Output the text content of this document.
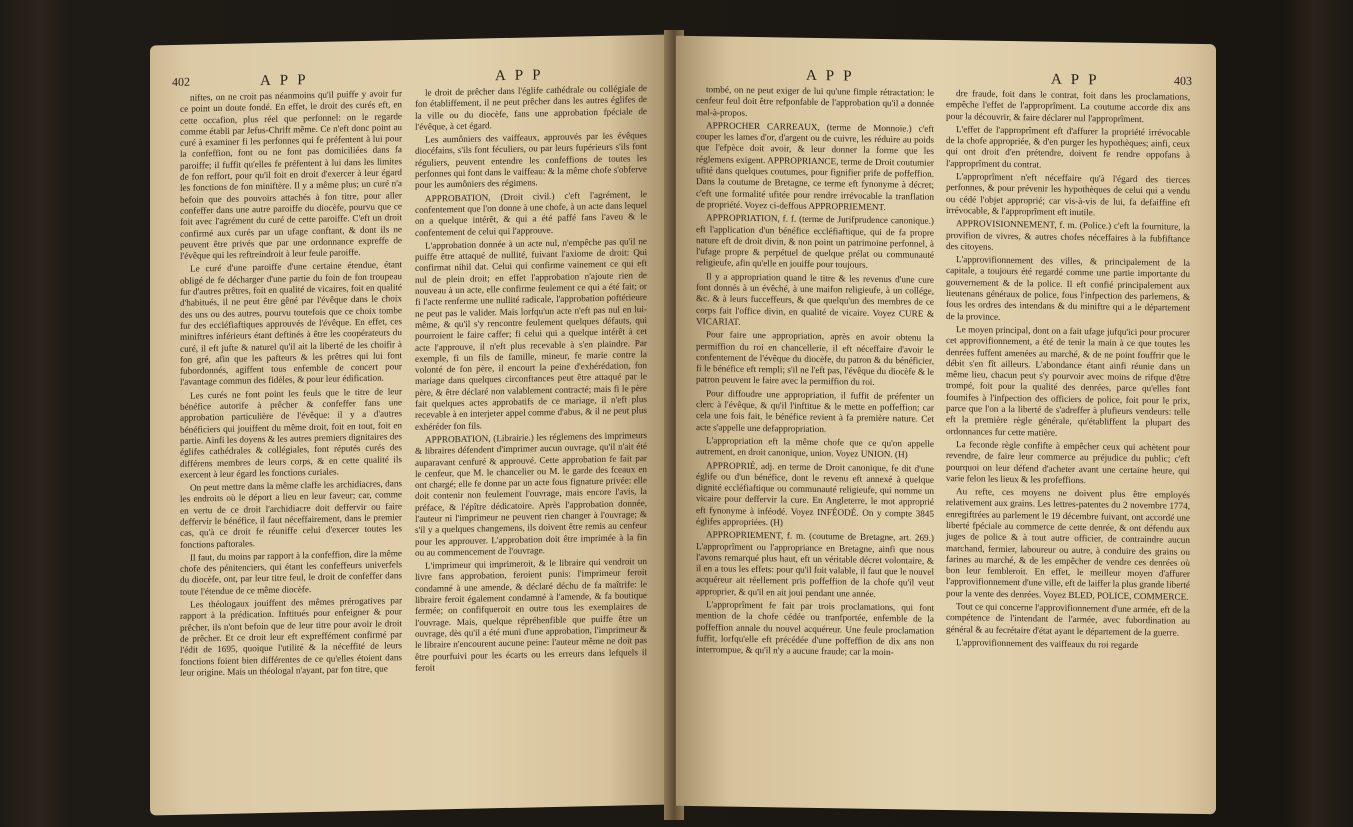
402	A P P	A P P

niftes, on ne croit pas néanmoins qu'il puiffe y avoir fur ce point un doute fondé. En effet, le droit des curés eft, en cette occafion, plus réel que perfonnel: on le regarde comme établi par Jefus-Chrift même. Ce n'eft donc point au curé à examiner fi les perfonnes qui fe préfentent à lui pour la confeffion, font ou ne font pas domiciliées dans fa paroiffe; il fuffit qu'elles fe préfentent à lui dans les limites de fon reffort, pour qu'il foit en droit d'exercer à leur égard les fonctions de fon miniftère. Il y a même plus; un curé n'a befoin que des pouvoirs attachés à fon titre, pour aller confeffer dans une autre paroiffe du diocèfe, pourvu que ce foit avec l'agrément du curé de cette paroiffe. C'eft un droit confirmé aux curés par un ufage conftant, & dont ils ne peuvent être privés que par une ordonnance expreffe de l'évêque qui les reftreindroit à leur feule paroiffe.

Le curé d'une paroiffe d'une certaine étendue, étant obligé de fe décharger d'une partie du foin de fon troupeau fur d'autres prêtres, foit en qualité de vicaires, foit en qualité d'habitués, il ne peut être gêné par l'évêque dans le choix des uns ou des autres, pourvu toutefois que ce choix tombe fur des eccléfiaftiques approuvés de l'évêque. En effet, ces miniftres inférieurs étant deftinés à être les coopérateurs du curé, il eft jufte & naturel qu'il ait la liberté de les choifir à fon gré, afin que les pafteurs & les prêtres qui lui font fubordonnés, agiffent tous enfemble de concert pour l'avantage commun des fidèles, & pour leur édification.

Les curés ne font point les feuls que le titre de leur bénéfice autorife à prêcher & confeffer fans une approbation particulière de l'évêque: il y a d'autres bénéficiers qui jouiffent du même droit, foit en tout, foit en partie. Ainfi les doyens & les autres premiers dignitaires des églifes cathédrales & collégiales, font réputés curés des différens membres de leurs corps, & en cette qualité ils exercent à leur égard les fonctions curiales.

On peut mettre dans la même claffe les archidiacres, dans les endroits où le déport a lieu en leur faveur; car, comme en vertu de ce droit l'archidiacre doit deffervir ou faire deffervir le bénéfice, il faut néceffairement, dans le premier cas, qu'à ce droit fe réuniffe celui d'exercer toutes les fonctions paftorales.

Il faut, du moins par rapport à la confeffion, dire la même chofe des pénitenciers, qui étant les confeffeurs univerfels du diocèfe, ont, par leur titre feul, le droit de confeffer dans toute l'étendue de ce même diocèfe.

Les théologaux jouiffent des mêmes prérogatives par rapport à la prédication. Inftitués pour enfeigner & pour prêcher, ils n'ont befoin que de leur titre pour avoir le droit de prêcher. Et ce droit leur eft expreffément confirmé par l'édit de 1695, quoique l'utilité & la néceffité de leurs fonctions foient bien différentes de ce qu'elles étoient dans leur origine. Mais un théologal n'ayant, par fon titre, que

le droit de prêcher dans l'églife cathédrale ou collégiale de fon établiffement, il ne peut prêcher dans les autres églifes de la ville ou du diocèfe, fans une approbation fpéciale de l'évêque, à cet égard.

Les aumôniers des vaiffeaux, approuvés par les évêques diocéfains, s'ils font féculiers, ou par leurs fupérieurs s'ils font réguliers, peuvent entendre les confeffions de toutes les perfonnes qui font dans le vaiffeau: & la même chofe s'obferve pour les aumôniers des régimens.

APPROBATION, (Droit civil.) c'eft l'agrément, le confentement que l'on donne à une chofe, à un acte dans lequel on a quelque intérêt, & qui a été paffé fans l'aveu & le confentement de celui qui l'approuve.

L'approbation donnée à un acte nul, n'empêche pas qu'il ne puiffe être attaqué de nullité, fuivant l'axiome de droit: Qui confirmat nihil dat. Celui qui confirme vainement ce qui eft nul de plein droit; en effet l'approbation n'ajoute rien de nouveau à un acte, elle confirme feulement ce qui a été fait; or fi l'acte renferme une nullité radicale, l'approbation poftérieure ne peut pas le valider. Mais lorfqu'un acte n'eft pas nul en lui-même, & qu'il s'y rencontre feulement quelques défauts, qui pourroient le faire caffer; fi celui qui a quelque intérêt à cet acte l'approuve, il n'eft plus recevable à s'en plaindre. Par exemple, fi un fils de famille, mineur, fe marie contre la volonté de fon père, il encourt la peine d'exhérédation, fon mariage dans quelques circonftances peut être attaqué par le père, & être déclaré non valablement contracté; mais fi le père fait quelques actes approbatifs de ce mariage, il n'eft plus recevable à en interjeter appel comme d'abus, & il ne peut plus exhéréder fon fils.

APPROBATION, (Librairie.) les réglemens des imprimeurs & libraires défendent d'imprimer aucun ouvrage, qu'il n'ait été auparavant cenfuré & approuvé. Cette approbation fe fait par le cenfeur, que M. le chancelier ou M. le garde des fceaux en ont chargé; elle fe donne par un acte fous fignature privée: elle doit contenir non feulement l'ouvrage, mais encore l'avis, la préface, & l'épître dédicatoire. Après l'approbation donnée, l'auteur ni l'imprimeur ne peuvent rien changer à l'ouvrage; & s'il y a quelques changemens, ils doivent être remis au cenfeur pour les approuver. L'approbation doit être imprimée à la fin ou au commencement de l'ouvrage.

L'imprimeur qui imprimeroit, & le libraire qui vendroit un livre fans approbation, feroient punis: l'imprimeur feroit condamné à une amende, & déclaré déchu de fa maîtrife: le libraire feroit également condamné à l'amende, & fa boutique fermée; on confifqueroit en outre tous les exemplaires de l'ouvrage. Mais, quelque répréhenfible que puiffe être un ouvrage, dès qu'il a été muni d'une approbation, l'imprimeur & le libraire n'encourent aucune peine: l'auteur même ne doit pas être pourfuivi pour les écarts ou les erreurs dans lefquels il feroit

A P P	A P P	403

tombé, on ne peut exiger de lui qu'une fimple rétractation: le cenfeur feul doit être refponfable de l'approbation qu'il a donnée mal-à-propos.

APPROCHER CARREAUX, (terme de Monnoie.) c'eft couper les lames d'or, d'argent ou de cuivre, les réduire au poids que l'efpèce doit avoir, & leur donner la forme que les réglemens exigent. APPROPRIANCE, terme de Droit coutumier ufité dans quelques coutumes, pour fignifier prife de poffeffion. Dans la coutume de Bretagne, ce terme eft fynonyme à décret; c'eft une formalité ufitée pour rendre irrévocable la tranflation de propriété. Voyez ci-deffous APPROPRIEMENT.

APPROPRIATION, f. f. (terme de Jurifprudence canonique.) eft l'application d'un bénéfice eccléfiaftique, qui de fa propre nature eft de droit divin, & non point un patrimoine perfonnel, à l'ufage propre & perpétuel de quelque prélat ou communauté religieufe, afin qu'elle en jouiffe pour toujours.

Il y a appropriation quand le titre & les revenus d'une cure font donnés à un évêché, à une maifon religieufe, à un collége, &c. & à leurs fucceffeurs, & que quelqu'un des membres de ce corps fait l'office divin, en qualité de vicaire. Voyez CURE & VICARIAT.

Pour faire une appropriation, après en avoir obtenu la permiffion du roi en chancellerie, il eft néceffaire d'avoir le confentement de l'évêque du diocèfe, du patron & du bénéficier, fi le bénéfice eft rempli; s'il ne l'eft pas, l'évêque du diocèfe & le patron peuvent le faire avec la permiffion du roi.

Pour diffoudre une appropriation, il fuffit de préfenter un clerc à l'évêque, & qu'il l'inftitue & le mette en poffeffion; car cela une fois fait, le bénéfice revient à fa première nature. Cet acte s'appelle une defappropriation.

L'appropriation eft la même chofe que ce qu'on appelle autrement, en droit canonique, union. Voyez UNION. (H)

APPROPRIÉ, adj. en terme de Droit canonique, fe dit d'une églife ou d'un bénéfice, dont le revenu eft annexé à quelque dignité eccléfiaftique ou communauté religieufe, qui nomme un vicaire pour deffervir la cure. En Angleterre, le mot approprié eft fynonyme à inféodé. Voyez INFÉODÉ. On y compte 3845 églifes appropriées. (H)

APPROPRIEMENT, f. m. (coutume de Bretagne, art. 269.) L'approprîment ou l'appropriance en Bretagne, ainfi que nous l'avons remarqué plus haut, eft un véritable décret volontaire, & il en a tous les effets: pour qu'il foit valable, il faut que le nouvel acquéreur ait réellement pris poffeffion de la chofe qu'il veut approprier, & qu'il en ait joui pendant une année.

L'approprîment fe fait par trois proclamations, qui font mention de la chofe cédée ou tranfportée, enfemble de la poffeffion annale du nouvel acquéreur. Une feule proclamation fuffit, lorfqu'elle eft précédée d'une poffeffion de dix ans non interrompue, & qu'il n'y a aucune fraude; car la moin-

dre fraude, foit dans le contrat, foit dans les proclamations, empêche l'effet de l'approprîment. La coutume accorde dix ans pour la découvrir, & faire déclarer nul l'approprîment.

L'effet de l'approprîment eft d'affurer la propriété irrévocable de la chofe appropriée, & d'en purger les hypothèques; ainfi, ceux qui ont droit d'en prétendre, doivent fe rendre oppofans à l'approprîment du contrat.

L'approprîment n'eft néceffaire qu'à l'égard des tierces perfonnes, & pour prévenir les hypothèques de celui qui a vendu ou cédé l'objet approprié; car vis-à-vis de lui, fa defaiffine eft irrévocable, & l'approprîment eft inutile.

APPROVISIONNEMENT, f. m. (Police.) c'eft la fourniture, la provifion de vivres, & autres chofes néceffaires à la fubfiftance des citoyens.

L'approvifionnement des villes, & principalement de la capitale, a toujours été regardé comme une partie importante du gouvernement & de la police. Il eft confié principalement aux lieutenans généraux de police, fous l'infpection des parlemens, & fous les ordres des intendans & du miniftre qui a le département de la province.

Le moyen principal, dont on a fait ufage jufqu'ici pour procurer cet approvifionnement, a été de tenir la main à ce que toutes les denrées fuffent amenées au marché, & de ne point fouffrir que le débit s'en fît ailleurs. L'abondance étant ainfi réunie dans un même lieu, chacun peut s'y pourvoir avec moins de rifque d'être trompé, foit pour la qualité des denrées, parce qu'elles font foumifes à l'infpection des officiers de police, foit pour le prix, parce que l'on a la liberté de s'adreffer à plufieurs vendeurs: telle eft la première règle générale, qu'établiffent la plupart des ordonnances fur cette matière.

La feconde règle confifte à empêcher ceux qui achètent pour revendre, de faire leur commerce au préjudice du public; c'eft pourquoi on leur défend d'acheter avant une certaine heure, qui varie felon les lieux & les profeffions.

Au refte, ces moyens ne doivent plus être employés relativement aux grains. Les lettres-patentes du 2 novembre 1774, enregiftrées au parlement le 19 décembre fuivant, ont accordé une liberté fpéciale au commerce de cette denrée, & ont défendu aux juges de police & à tout autre officier, de contraindre aucun marchand, fermier, laboureur ou autre, à conduire des grains ou farines au marché, & de les empêcher de vendre ces denrées où bon leur fembleroit. En effet, le meilleur moyen d'affurer l'approvifionnement d'une ville, eft de laiffer la plus grande liberté pour la vente des denrées. Voyez BLED, POLICE, COMMERCE.

Tout ce qui concerne l'approvifionnement d'une armée, eft de la compétence de l'intendant de l'armée, avec fubordination au général & au fecrétaire d'état ayant le département de la guerre.

L'approvifionnement des vaiffeaux du roi regarde
